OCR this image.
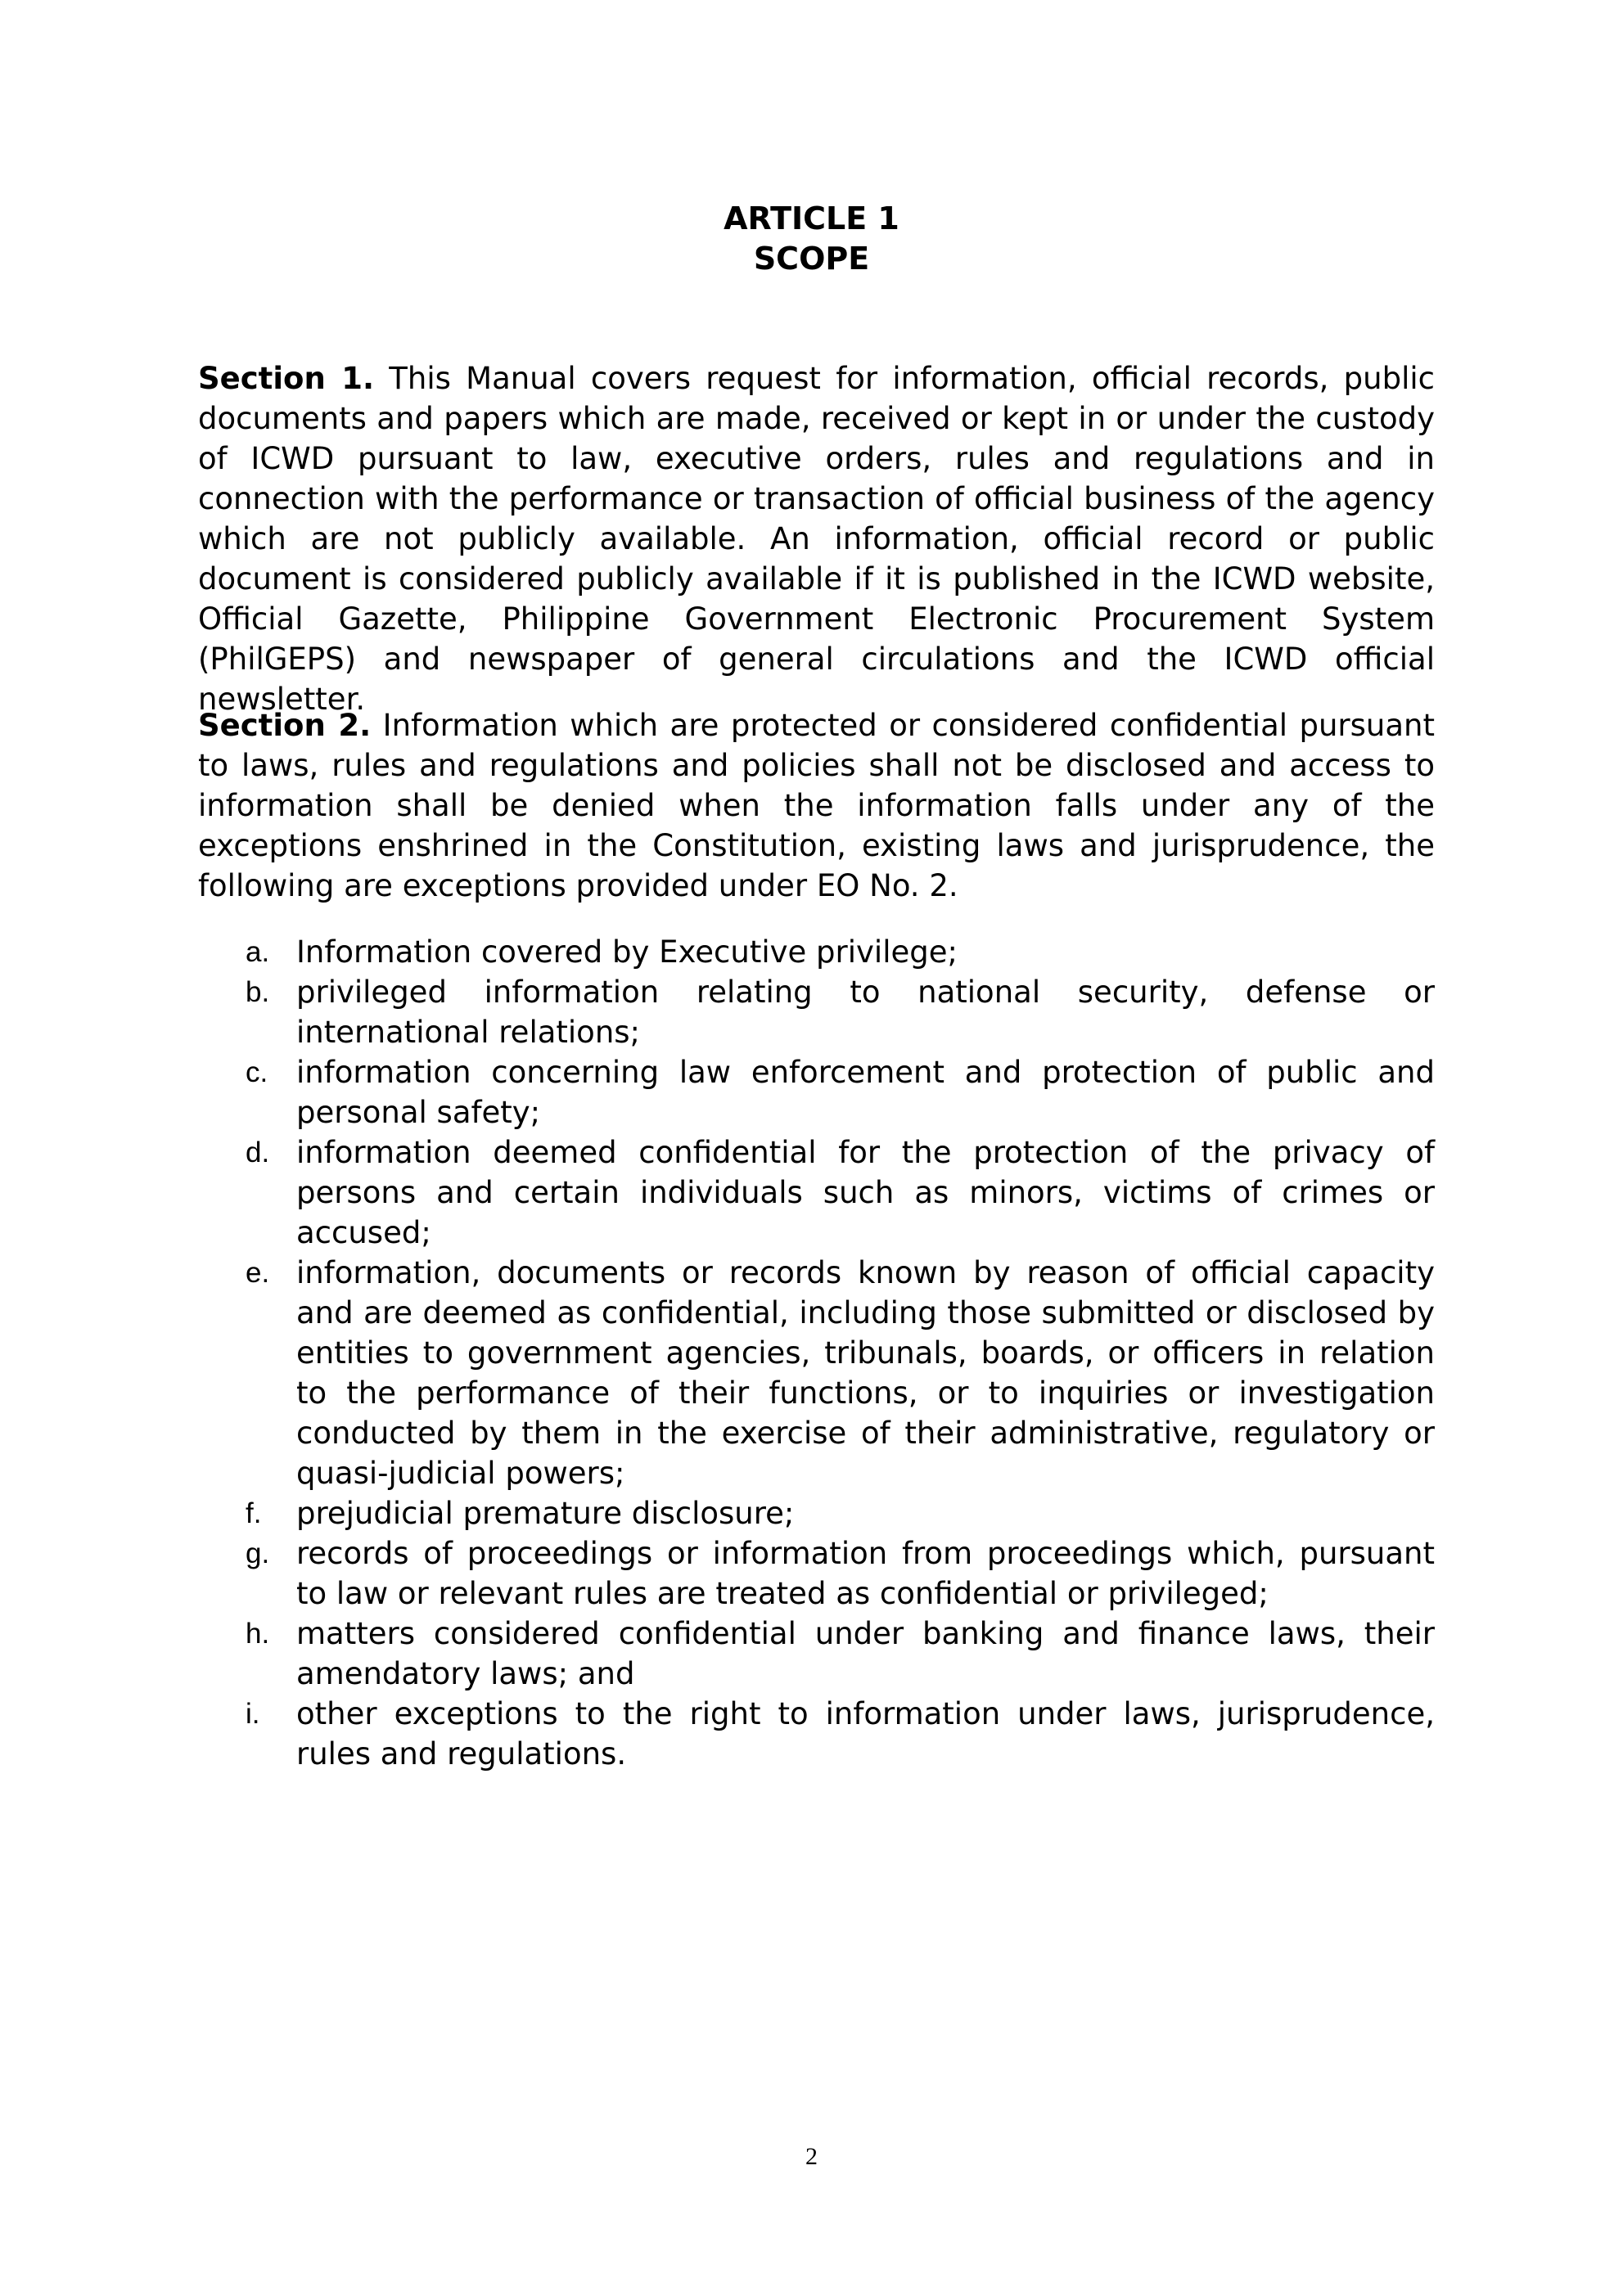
ARTICLE 1
SCOPE

Section 1. This Manual covers request for information, official records, public documents and papers which are made, received or kept in or under the custody of ICWD pursuant to law, executive orders, rules and regulations and in connection with the performance or transaction of official business of the agency which are not publicly available. An information, official record or public document is considered publicly available if it is published in the ICWD website, Official Gazette, Philippine Government Electronic Procurement System (PhilGEPS) and newspaper of general circulations and the ICWD official newsletter.

Section 2. Information which are protected or considered confidential pursuant to laws, rules and regulations and policies shall not be disclosed and access to information shall be denied when the information falls under any of the exceptions enshrined in the Constitution, existing laws and jurisprudence, the following are exceptions provided under EO No. 2.

a. Information covered by Executive privilege;
b. privileged information relating to national security, defense or international relations;
c. information concerning law enforcement and protection of public and personal safety;
d. information deemed confidential for the protection of the privacy of persons and certain individuals such as minors, victims of crimes or accused;
e. information, documents or records known by reason of official capacity and are deemed as confidential, including those submitted or disclosed by entities to government agencies, tribunals, boards, or officers in relation to the performance of their functions, or to inquiries or investigation conducted by them in the exercise of their administrative, regulatory or quasi-judicial powers;
f. prejudicial premature disclosure;
g. records of proceedings or information from proceedings which, pursuant to law or relevant rules are treated as confidential or privileged;
h. matters considered confidential under banking and finance laws, their amendatory laws; and
i. other exceptions to the right to information under laws, jurisprudence, rules and regulations.
2
